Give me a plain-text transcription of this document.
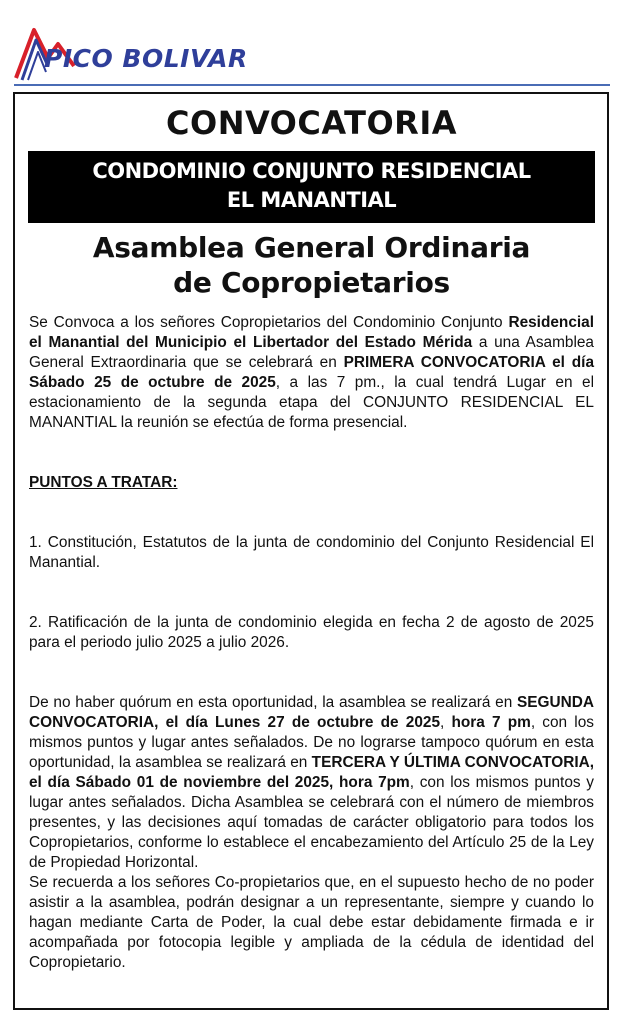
PICO BOLIVAR
CONVOCATORIA
CONDOMINIO CONJUNTO RESIDENCIAL
EL MANANTIAL
Asamblea General Ordinaria
de Copropietarios

Se Convoca a los señores Copropietarios del Condominio Conjunto Residencial el Manantial del Municipio el Libertador del Estado Mérida a una Asamblea General Extraordinaria que se celebrará en PRIMERA CONVOCATORIA el día Sábado 25 de octubre de 2025, a las 7 pm., la cual tendrá Lugar en el estacionamiento de la segunda etapa del CONJUNTO RESIDENCIAL EL MANANTIAL la reunión se efectúa de forma presencial.

PUNTOS A TRATAR:

1. Constitución, Estatutos de la junta de condominio del Conjunto Residencial El Manantial.

2. Ratificación de la junta de condominio elegida en fecha 2 de agosto de 2025 para el periodo julio 2025 a julio 2026.

De no haber quórum en esta oportunidad, la asamblea se realizará en SEGUNDA CONVOCATORIA, el día Lunes 27 de octubre de 2025, hora 7 pm, con los mismos puntos y lugar antes señalados. De no lograrse tampoco quórum en esta oportunidad, la asamblea se realizará en TERCERA Y ÚLTIMA CONVOCATORIA, el día Sábado 01 de noviembre del 2025, hora 7pm, con los mismos puntos y lugar antes señalados. Dicha Asamblea se celebrará con el número de miembros presentes, y las decisiones aquí tomadas de carácter obligatorio para todos los Copropietarios, conforme lo establece el encabezamiento del Artículo 25 de la Ley de Propiedad Horizontal.

Se recuerda a los señores Co-propietarios que, en el supuesto hecho de no poder asistir a la asamblea, podrán designar a un representante, siempre y cuando lo hagan mediante Carta de Poder, la cual debe estar debidamente firmada e ir acompañada por fotocopia legible y ampliada de la cédula de identidad del Copropietario.
